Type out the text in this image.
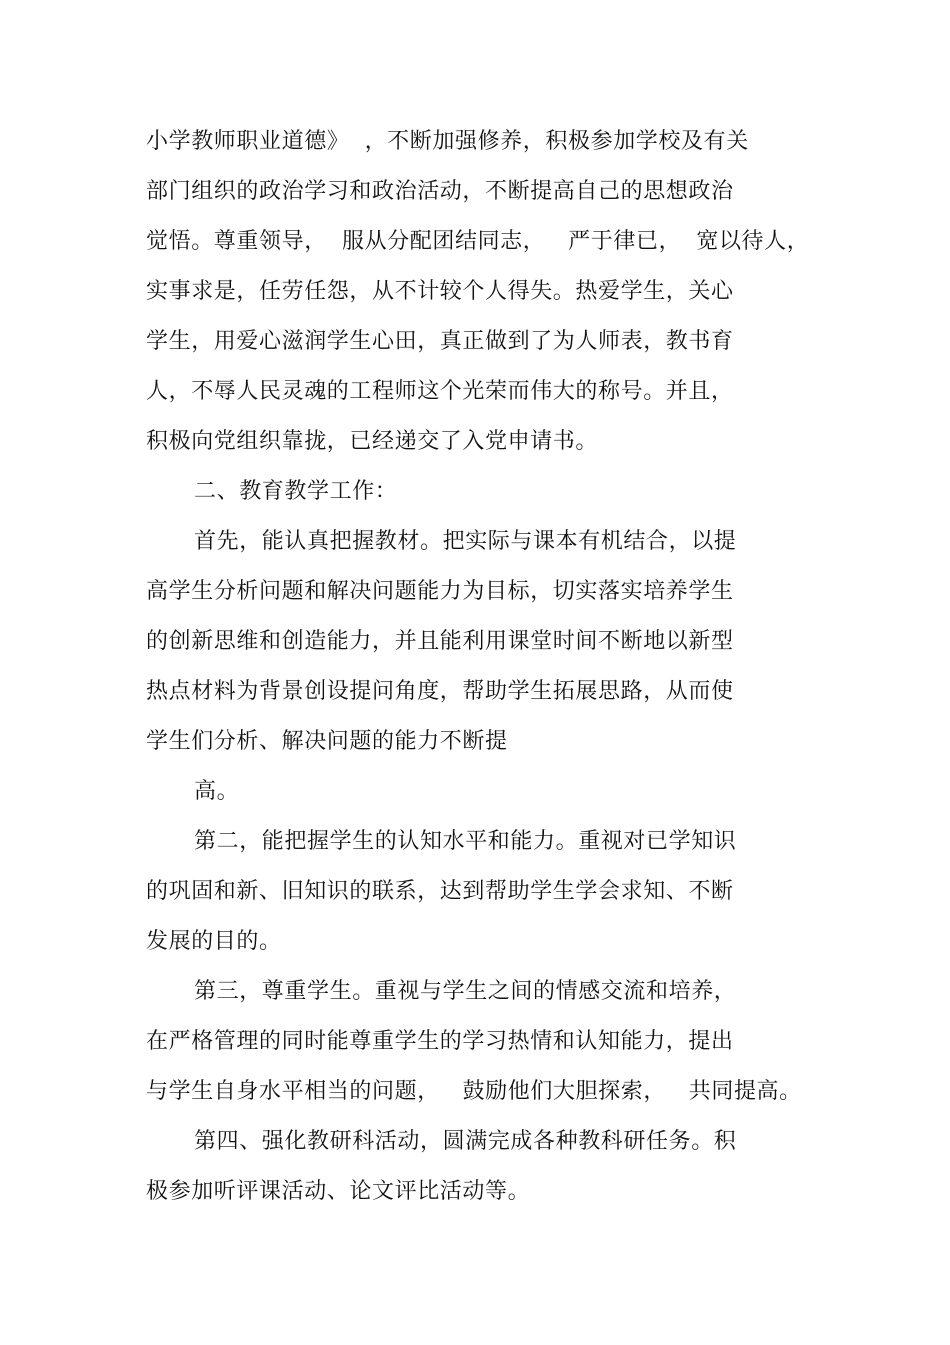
小学教师职业道德》  ，不断加强修养，积极参加学校及有关
部门组织的政治学习和政治活动，不断提高自己的思想政治
觉悟。尊重领导，  服从分配团结同志，   严于律已，  宽以待人，
实事求是，任劳任怨，从不计较个人得失。热爱学生，关心
学生，用爱心滋润学生心田，真正做到了为人师表，教书育
人，不辱人民灵魂的工程师这个光荣而伟大的称号。并且，
积极向党组织靠拢，已经递交了入党申请书。
二、教育教学工作：
首先，能认真把握教材。把实际与课本有机结合，以提
高学生分析问题和解决问题能力为目标，切实落实培养学生
的创新思维和创造能力，并且能利用课堂时间不断地以新型
热点材料为背景创设提问角度，帮助学生拓展思路，从而使
学生们分析、解决问题的能力不断提
高。
第二，能把握学生的认知水平和能力。重视对已学知识
的巩固和新、旧知识的联系，达到帮助学生学会求知、不断
发展的目的。
第三，尊重学生。重视与学生之间的情感交流和培养，
在严格管理的同时能尊重学生的学习热情和认知能力，提出
与学生自身水平相当的问题，   鼓励他们大胆探索，   共同提高。
第四、强化教研科活动，圆满完成各种教科研任务。积
极参加听评课活动、论文评比活动等。
